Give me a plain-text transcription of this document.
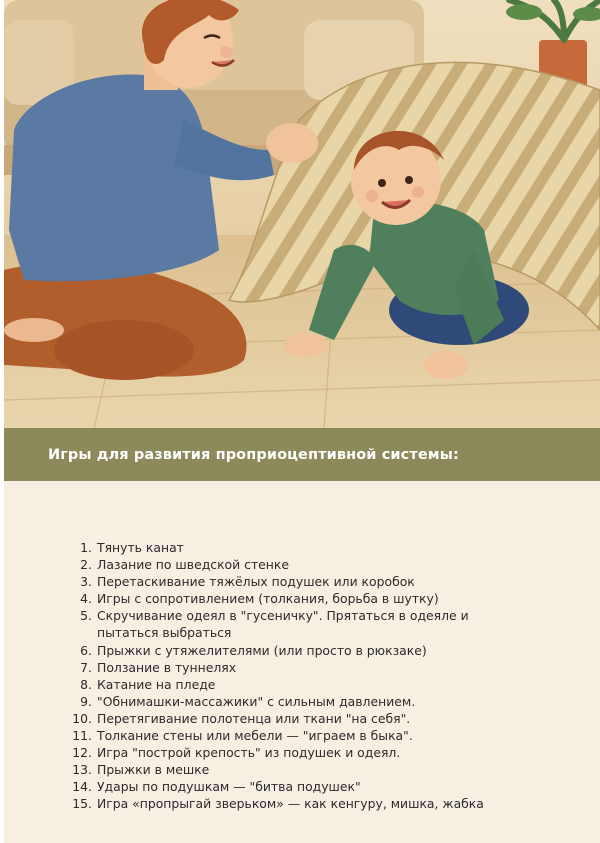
Игры для развития проприоцептивной системы:
1. Тянуть канат
2. Лазание по шведской стенке
3. Перетаскивание тяжёлых подушек или коробок
4. Игры с сопротивлением (толкания, борьба в шутку)
5. Скручивание одеял в "гусеничку". Прятаться в одеяле и пытаться выбраться
6. Прыжки с утяжелителями (или просто в рюкзаке)
7. Ползание в туннелях
8. Катание на пледе
9. "Обнимашки-массажики" с сильным давлением.
10. Перетягивание полотенца или ткани "на себя".
11. Толкание стены или мебели — "играем в быка".
12. Игра "построй крепость" из подушек и одеял.
13. Прыжки в мешке
14. Удары по подушкам — "битва подушек"
15. Игра «пропрыгай зверьком» — как кенгуру, мишка, жабка
